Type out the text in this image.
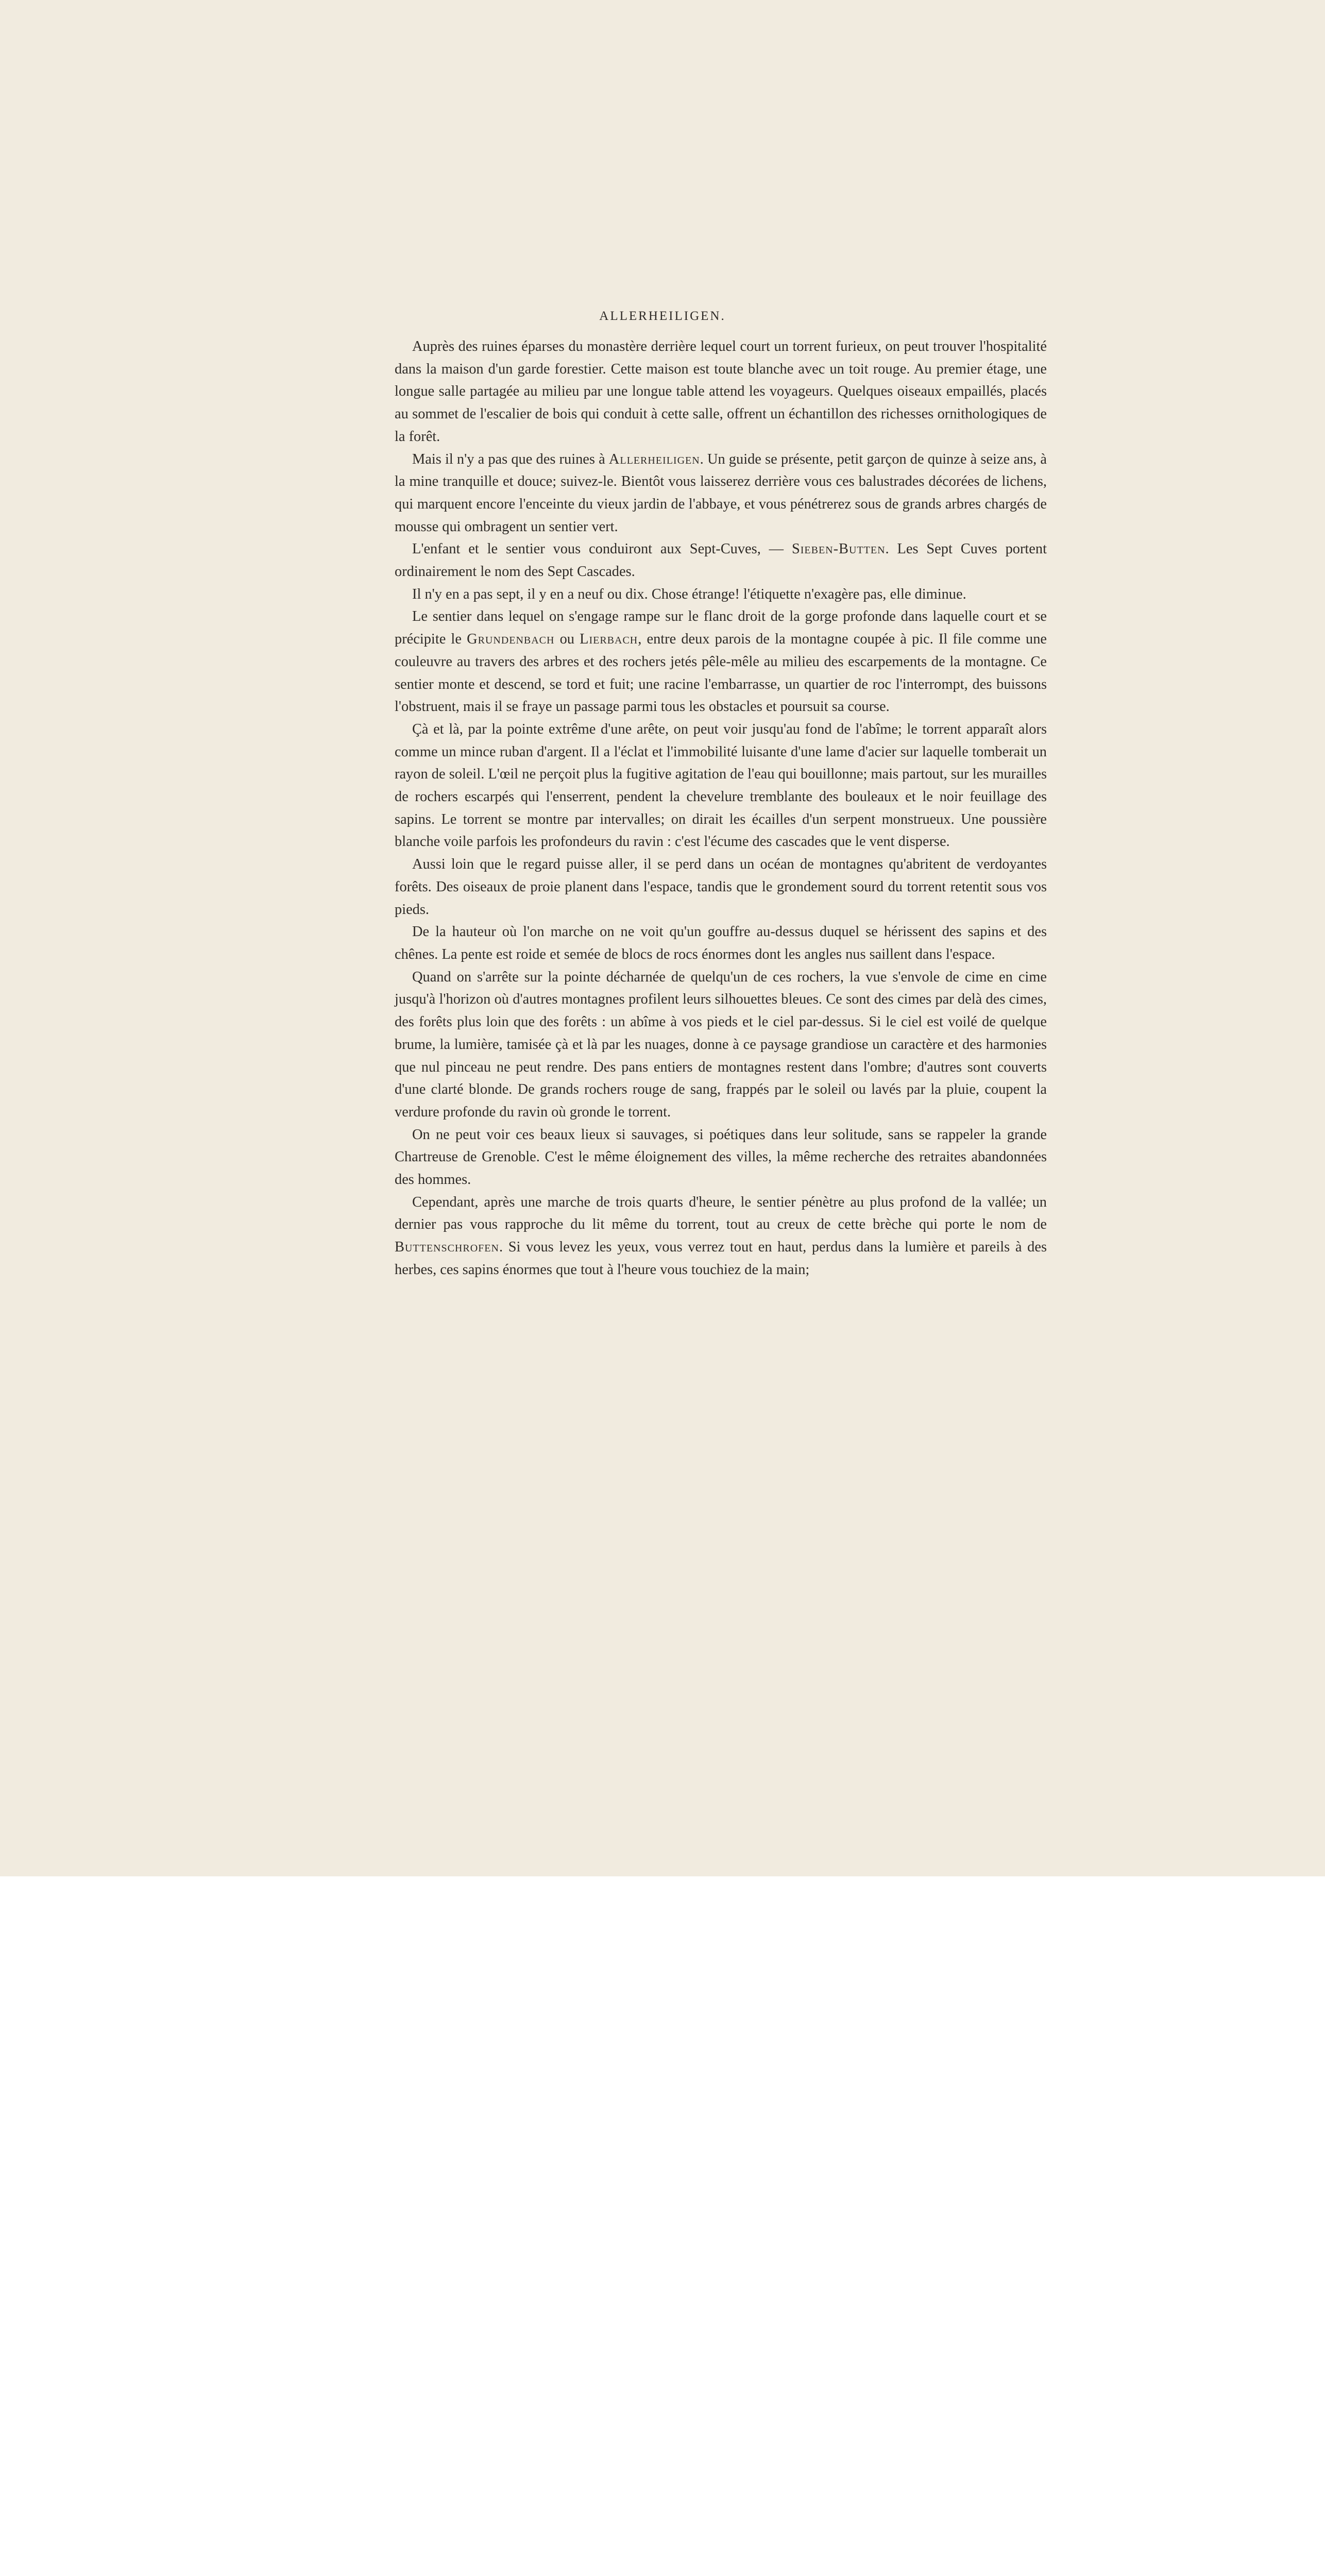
ALLERHEILIGEN.

Auprès des ruines éparses du monastère derrière lequel court un torrent furieux, on peut trouver l'hospitalité dans la maison d'un garde forestier. Cette maison est toute blanche avec un toit rouge. Au premier étage, une longue salle partagée au milieu par une longue table attend les voyageurs. Quelques oiseaux empaillés, placés au sommet de l'escalier de bois qui conduit à cette salle, offrent un échantillon des richesses ornithologiques de la forêt.

Mais il n'y a pas que des ruines à Allerheiligen. Un guide se présente, petit garçon de quinze à seize ans, à la mine tranquille et douce; suivez-le. Bientôt vous laisserez derrière vous ces balustrades décorées de lichens, qui marquent encore l'enceinte du vieux jardin de l'abbaye, et vous pénétrerez sous de grands arbres chargés de mousse qui ombragent un sentier vert.

L'enfant et le sentier vous conduiront aux Sept-Cuves, — Sieben-Butten. Les Sept Cuves portent ordinairement le nom des Sept Cascades.

Il n'y en a pas sept, il y en a neuf ou dix. Chose étrange! l'étiquette n'exagère pas, elle diminue.

Le sentier dans lequel on s'engage rampe sur le flanc droit de la gorge profonde dans laquelle court et se précipite le Grundenbach ou Lierbach, entre deux parois de la montagne coupée à pic. Il file comme une couleuvre au travers des arbres et des rochers jetés pêle-mêle au milieu des escarpements de la montagne. Ce sentier monte et descend, se tord et fuit; une racine l'embarrasse, un quartier de roc l'interrompt, des buissons l'obstruent, mais il se fraye un passage parmi tous les obstacles et poursuit sa course.

Çà et là, par la pointe extrême d'une arête, on peut voir jusqu'au fond de l'abîme; le torrent apparaît alors comme un mince ruban d'argent. Il a l'éclat et l'immobilité luisante d'une lame d'acier sur laquelle tomberait un rayon de soleil. L'œil ne perçoit plus la fugitive agitation de l'eau qui bouillonne; mais partout, sur les murailles de rochers escarpés qui l'enserrent, pendent la chevelure tremblante des bouleaux et le noir feuillage des sapins. Le torrent se montre par intervalles; on dirait les écailles d'un serpent monstrueux. Une poussière blanche voile parfois les profondeurs du ravin : c'est l'écume des cascades que le vent disperse.

Aussi loin que le regard puisse aller, il se perd dans un océan de montagnes qu'abritent de verdoyantes forêts. Des oiseaux de proie planent dans l'espace, tandis que le grondement sourd du torrent retentit sous vos pieds.

De la hauteur où l'on marche on ne voit qu'un gouffre au-dessus duquel se hérissent des sapins et des chênes. La pente est roide et semée de blocs de rocs énormes dont les angles nus saillent dans l'espace.

Quand on s'arrête sur la pointe décharnée de quelqu'un de ces rochers, la vue s'envole de cime en cime jusqu'à l'horizon où d'autres montagnes profilent leurs silhouettes bleues. Ce sont des cimes par delà des cimes, des forêts plus loin que des forêts : un abîme à vos pieds et le ciel par-dessus. Si le ciel est voilé de quelque brume, la lumière, tamisée çà et là par les nuages, donne à ce paysage grandiose un caractère et des harmonies que nul pinceau ne peut rendre. Des pans entiers de montagnes restent dans l'ombre; d'autres sont couverts d'une clarté blonde. De grands rochers rouge de sang, frappés par le soleil ou lavés par la pluie, coupent la verdure profonde du ravin où gronde le torrent.

On ne peut voir ces beaux lieux si sauvages, si poétiques dans leur solitude, sans se rappeler la grande Chartreuse de Grenoble. C'est le même éloignement des villes, la même recherche des retraites abandonnées des hommes.

Cependant, après une marche de trois quarts d'heure, le sentier pénètre au plus profond de la vallée; un dernier pas vous rapproche du lit même du torrent, tout au creux de cette brèche qui porte le nom de Buttenschrofen. Si vous levez les yeux, vous verrez tout en haut, perdus dans la lumière et pareils à des herbes, ces sapins énormes que tout à l'heure vous touchiez de la main;
